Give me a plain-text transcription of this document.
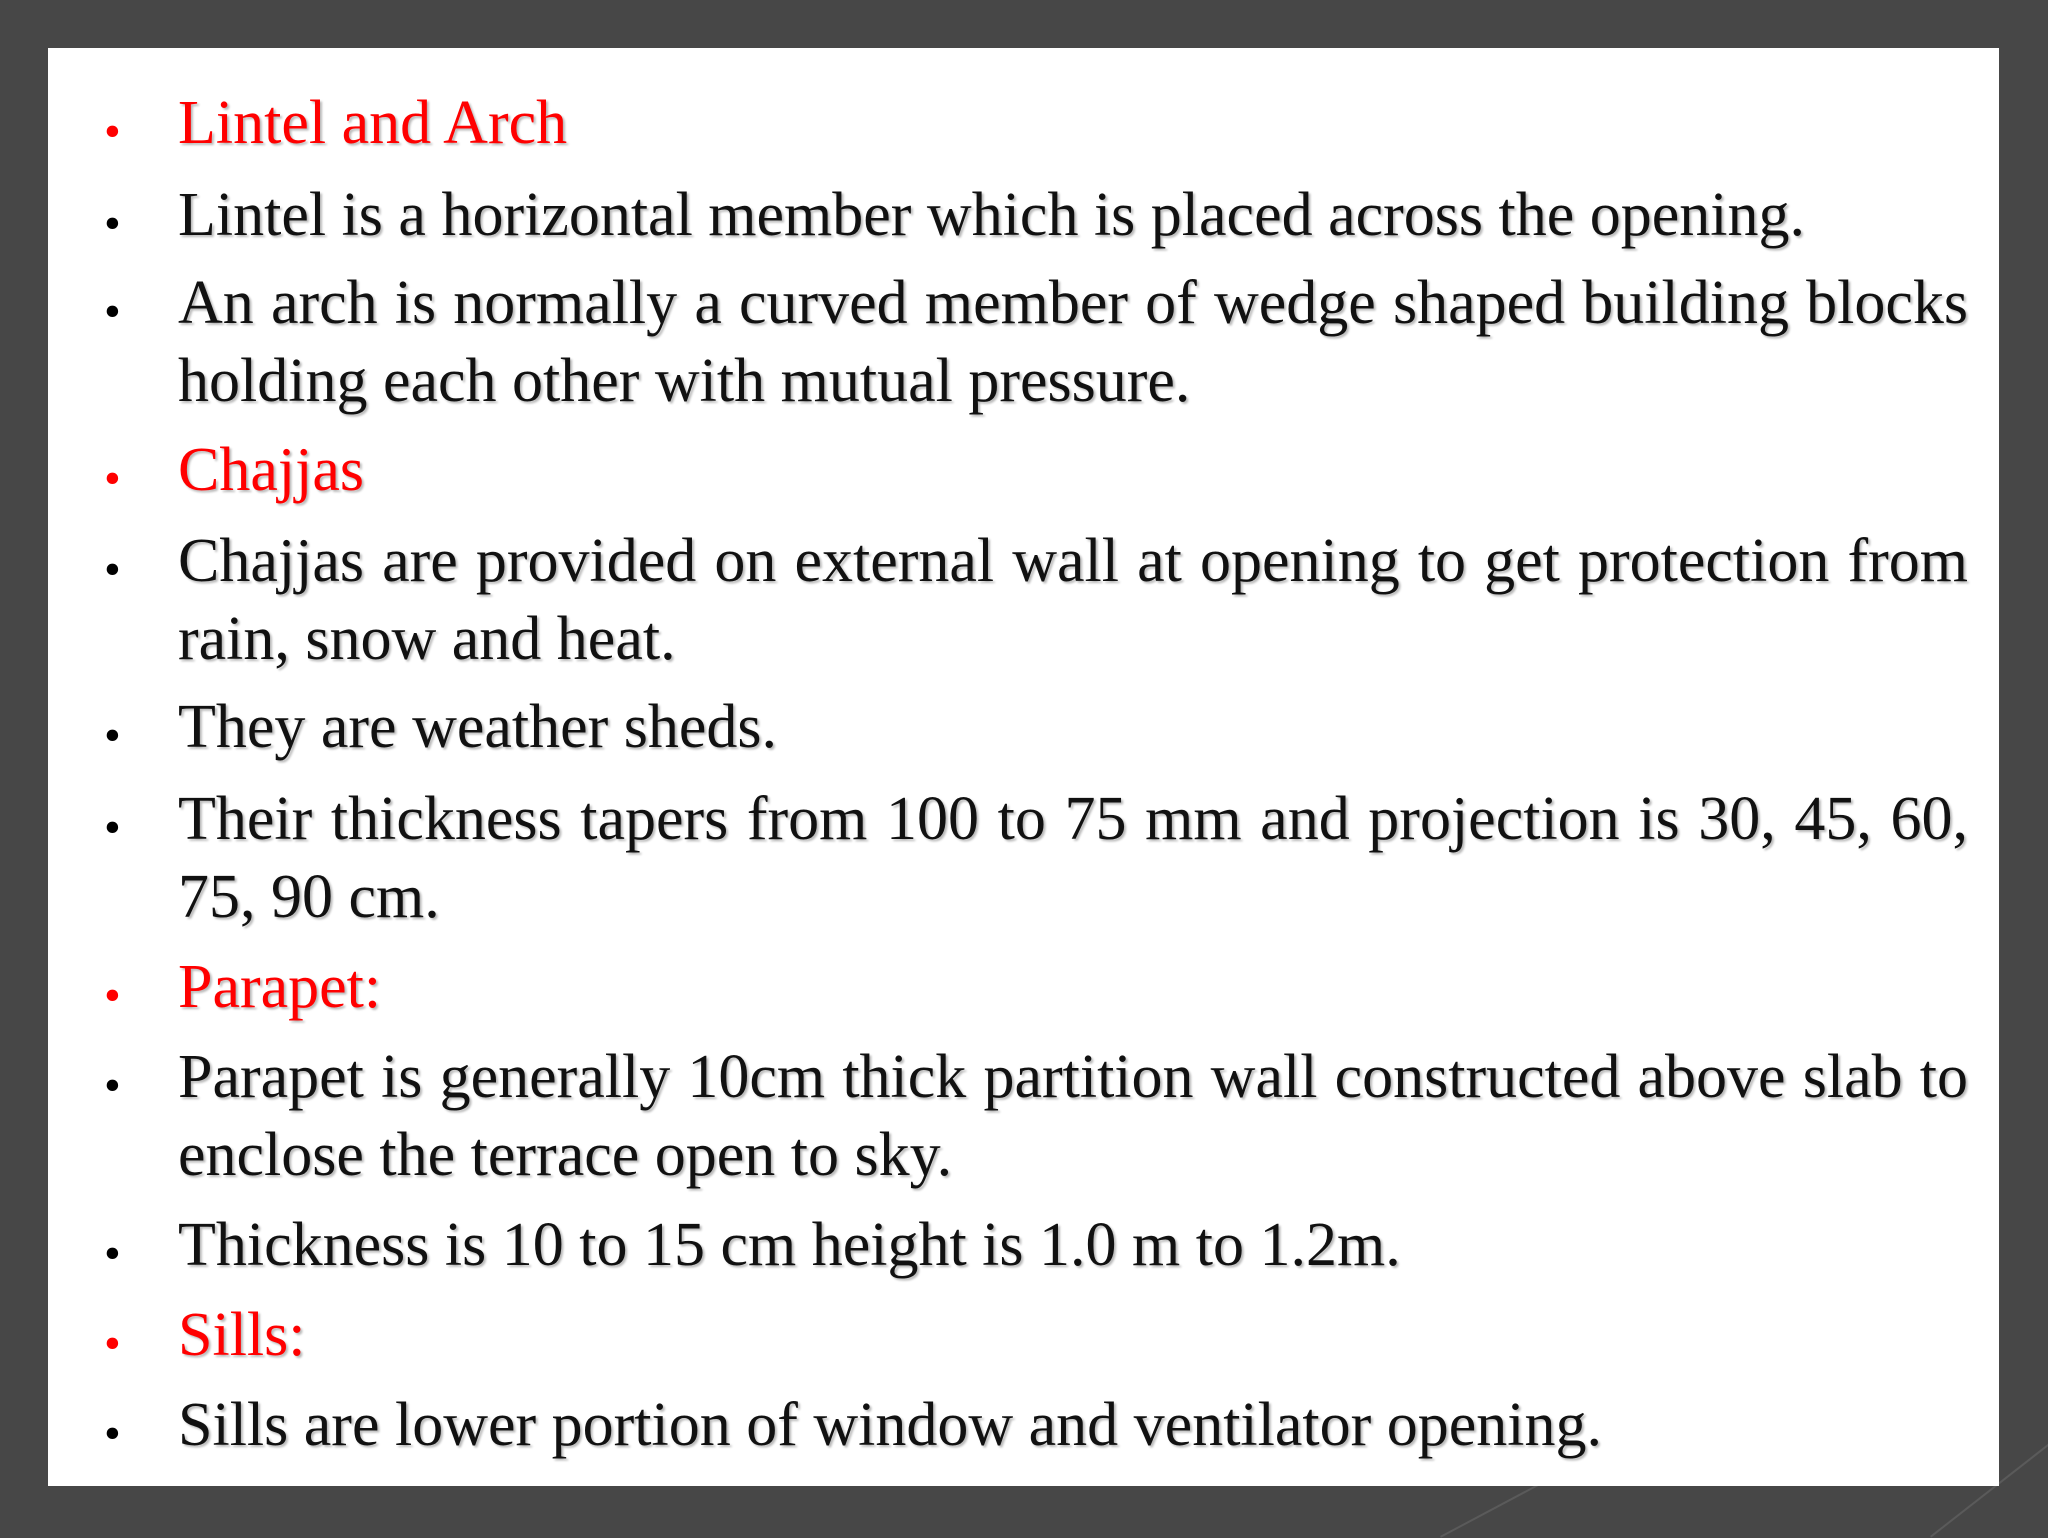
• Lintel and Arch
• Lintel is a horizontal member which is placed across the opening.
• An arch is normally a curved member of wedge shaped building blocks holding each other with mutual pressure.
• Chajjas
• Chajjas are provided on external wall at opening to get protection from rain, snow and heat.
• They are weather sheds.
• Their thickness tapers from 100 to 75 mm and projection is 30, 45, 60, 75, 90 cm.
• Parapet:
• Parapet is generally 10cm thick partition wall constructed above slab to enclose the terrace open to sky.
• Thickness is 10 to 15 cm height is 1.0 m to 1.2m.
• Sills:
• Sills are lower portion of window and ventilator opening.
